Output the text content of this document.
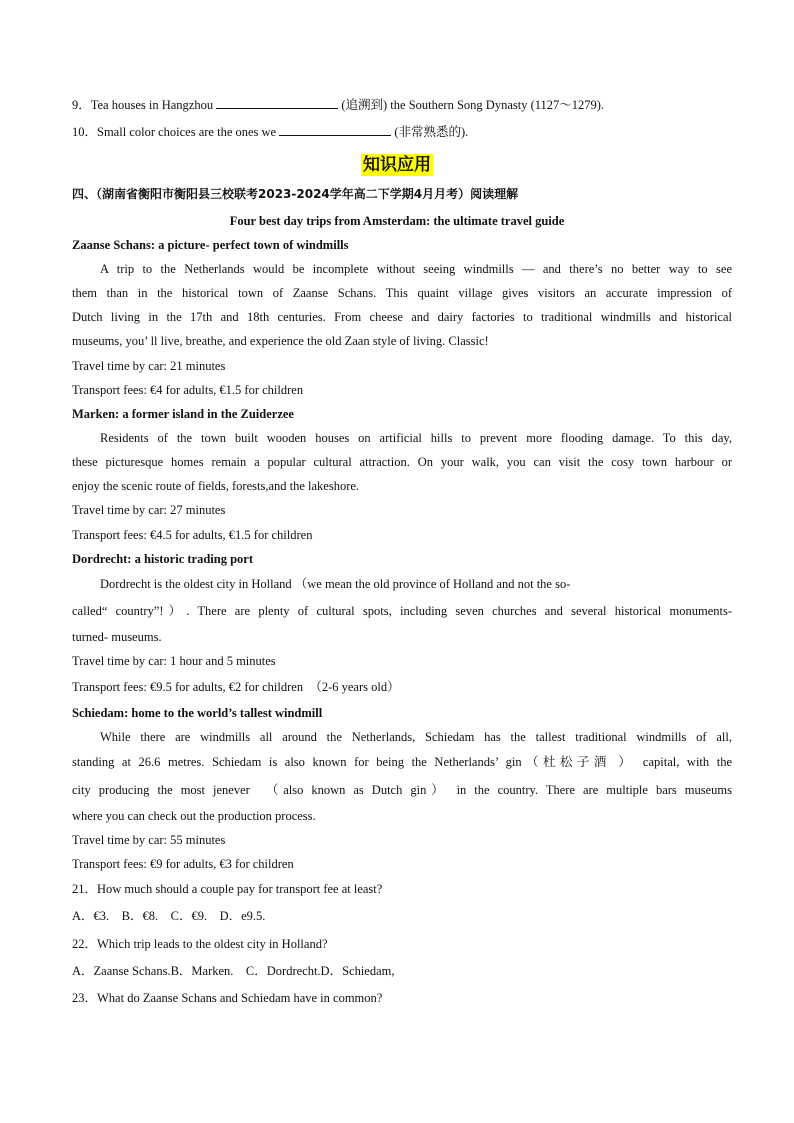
9．Tea houses in Hangzhou	(追溯到) the Southern Song Dynasty (1127～1279).
10．Small color choices are the ones we	(非常熟悉的).
知识应用
四、（湖南省衡阳市衡阳县三校联考2023-2024学年高二下学期4月月考）阅读理解
Four best day trips from Amsterdam: the ultimate travel guide
Zaanse Schans: a picture- perfect town of windmills
A trip to the Netherlands would be incomplete without seeing windmills — and there’s no better way to see
them than in the historical town of Zaanse Schans. This quaint village gives visitors an accurate impression of
Dutch living in the 17th and 18th centuries. From cheese and dairy factories to traditional windmills and historical
museums, you’ ll live, breathe, and experience the old Zaan style of living. Classic!
Travel time by car: 21 minutes
Transport fees: €4 for adults, €1.5 for children
Marken: a former island in the Zuiderzee
Residents of the town built wooden houses on artificial hills to prevent more flooding damage. To this day,
these picturesque homes remain a popular cultural attraction. On your walk, you can visit the cosy town harbour or
enjoy the scenic route of fields, forests,and the lakeshore.
Travel time by car: 27 minutes
Transport fees: €4.5 for adults, €1.5 for children
Dordrecht: a historic trading port
Dordrecht is the oldest city in Holland （we mean the old province of Holland and not the so-
called“ country”!）. There are plenty of cultural spots, including seven churches and several historical monuments-
turned- museums.
Travel time by car: 1 hour and 5 minutes
Transport fees: €9.5 for adults, €2 for children　（2-6 years old）
Schiedam: home to the world’s tallest windmill
While there are windmills all around the Netherlands, Schiedam has the tallest traditional windmills of all,
standing at 26.6 metres. Schiedam is also known for being the Netherlands’ gin（杜松子酒 ） capital, with the
city producing the most jenever　（also known as Dutch gin） in the country. There are multiple bars museums
where you can check out the production process.
Travel time by car: 55 minutes
Transport fees: €9 for adults, €3 for children
21．How much should a couple pay for transport fee at least?
A．€3.　B．€8.　C．€9.　D．e9.5.
22．Which trip leads to the oldest city in Holland?
A．Zaanse Schans.B．Marken.　C．Dordrecht.D．Schiedam,
23．What do Zaanse Schans and Schiedam have in common?
